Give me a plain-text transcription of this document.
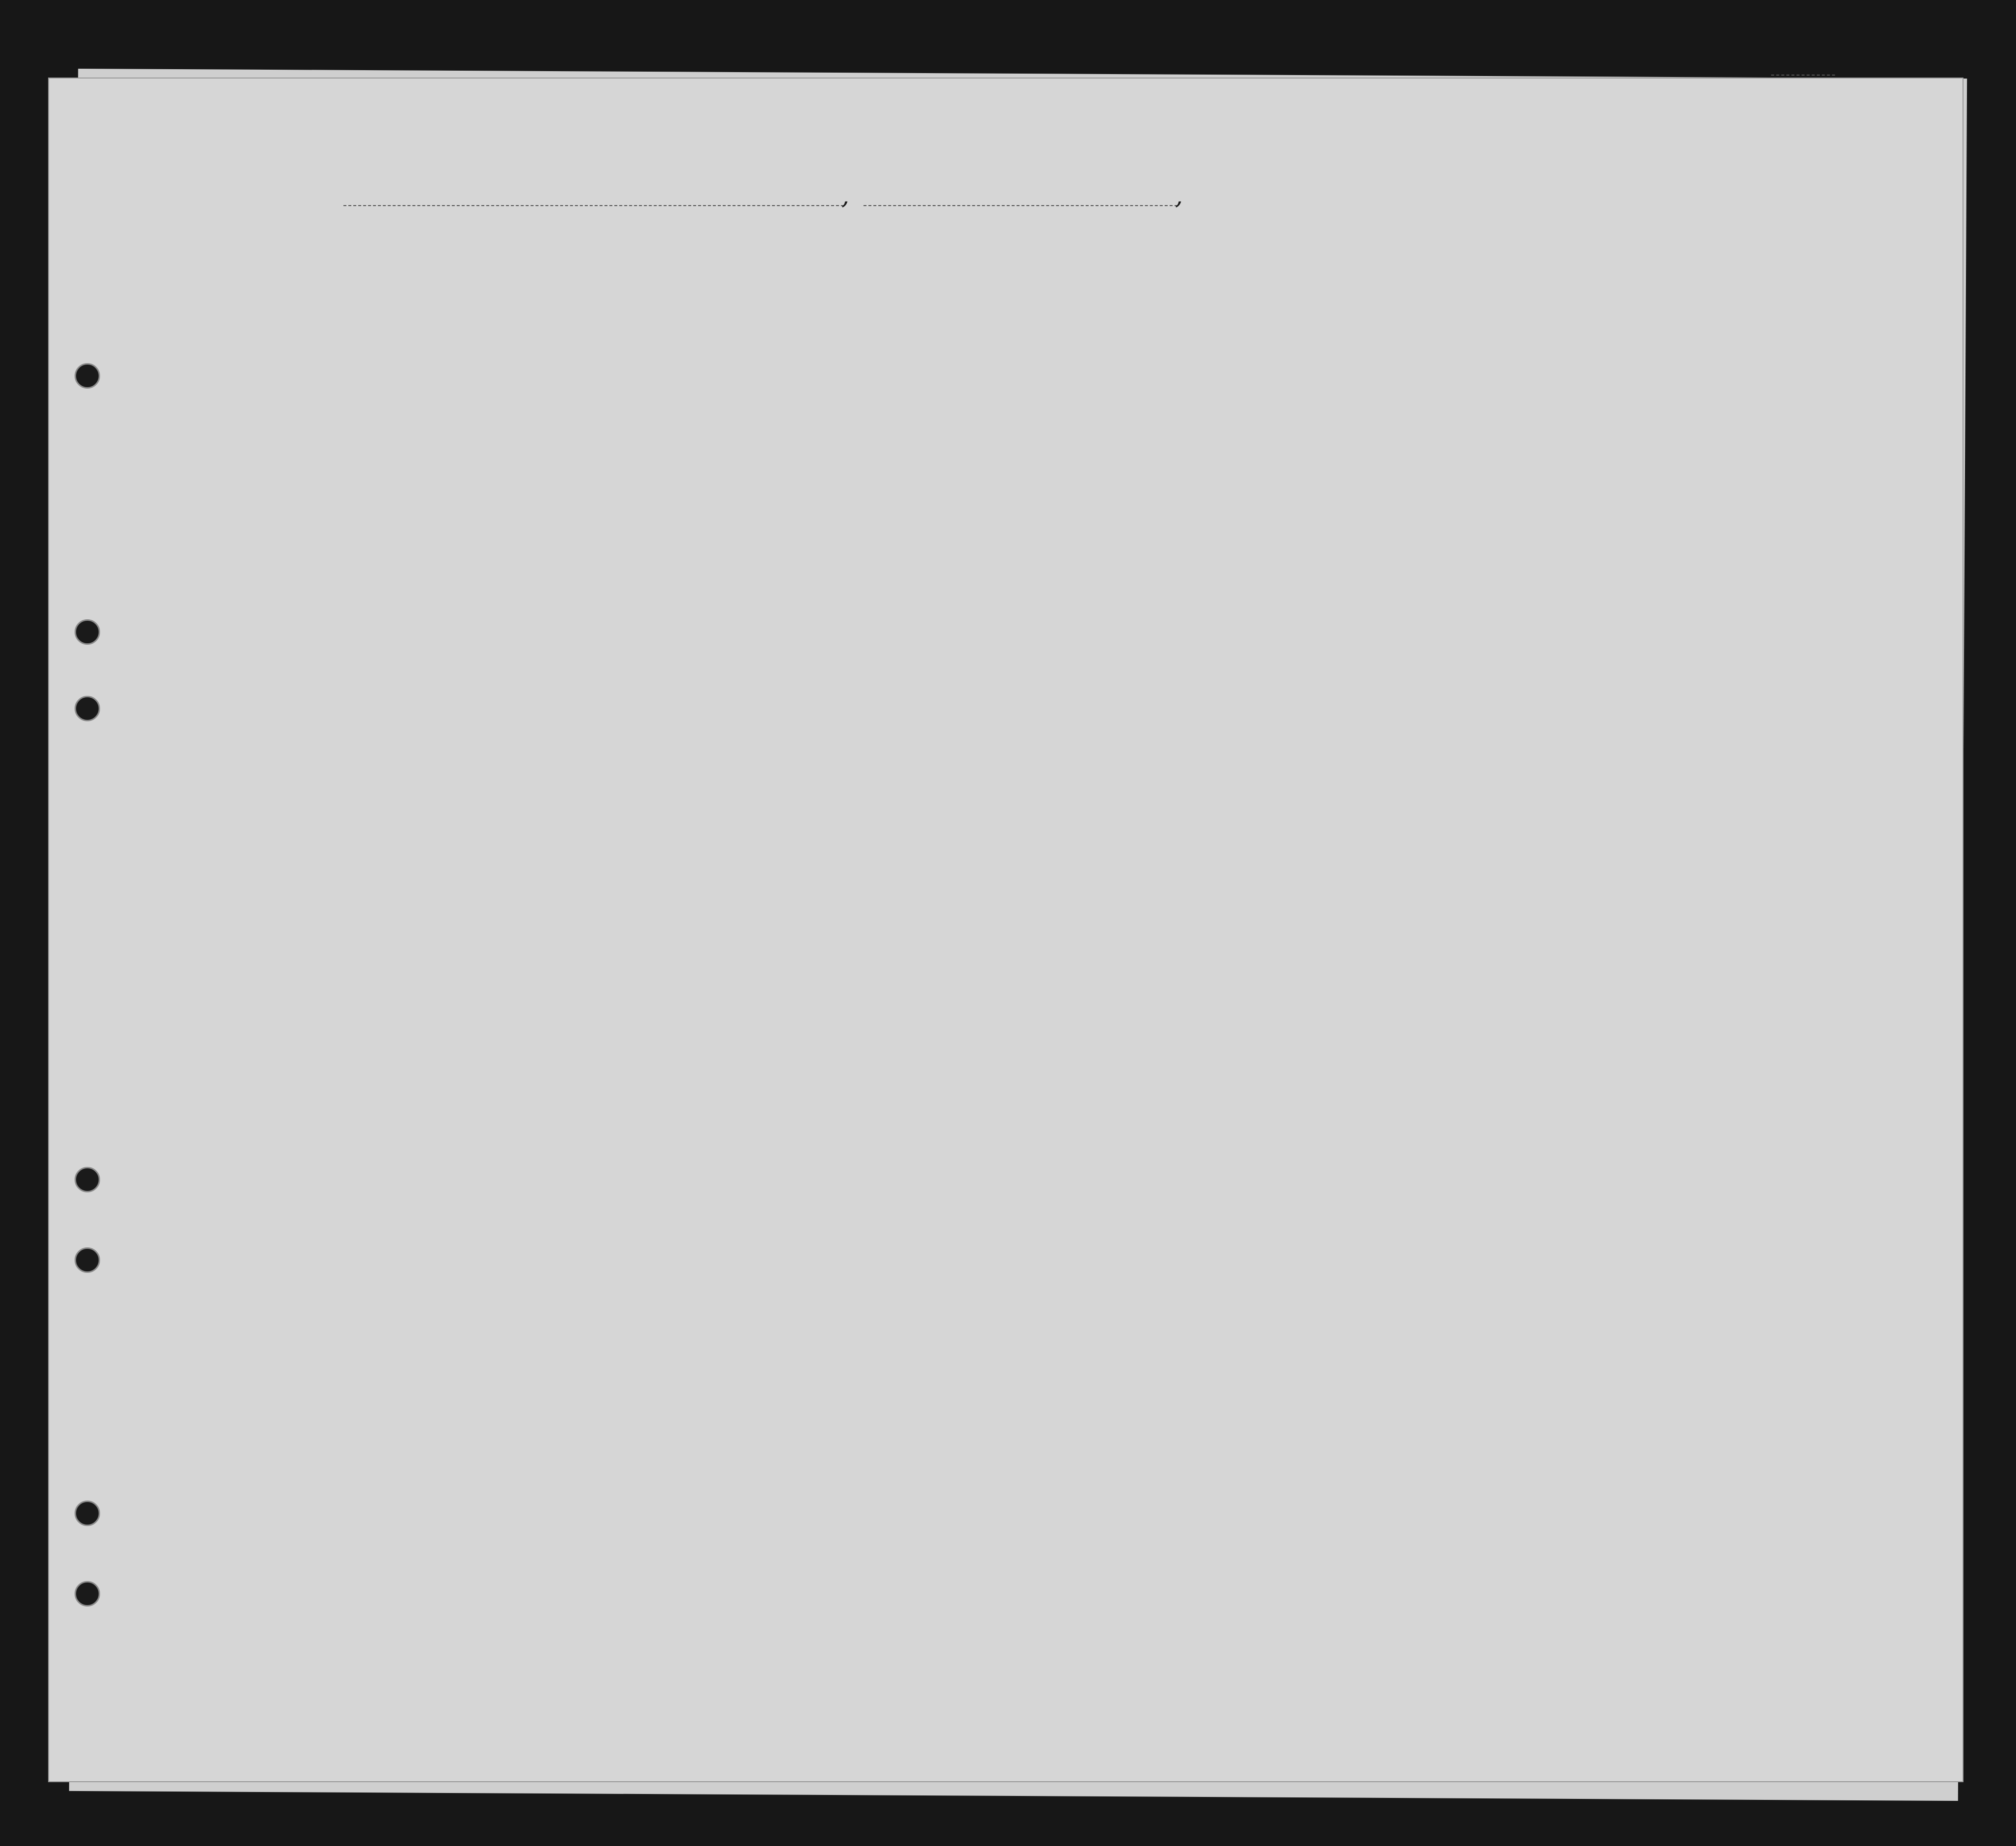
,	,
